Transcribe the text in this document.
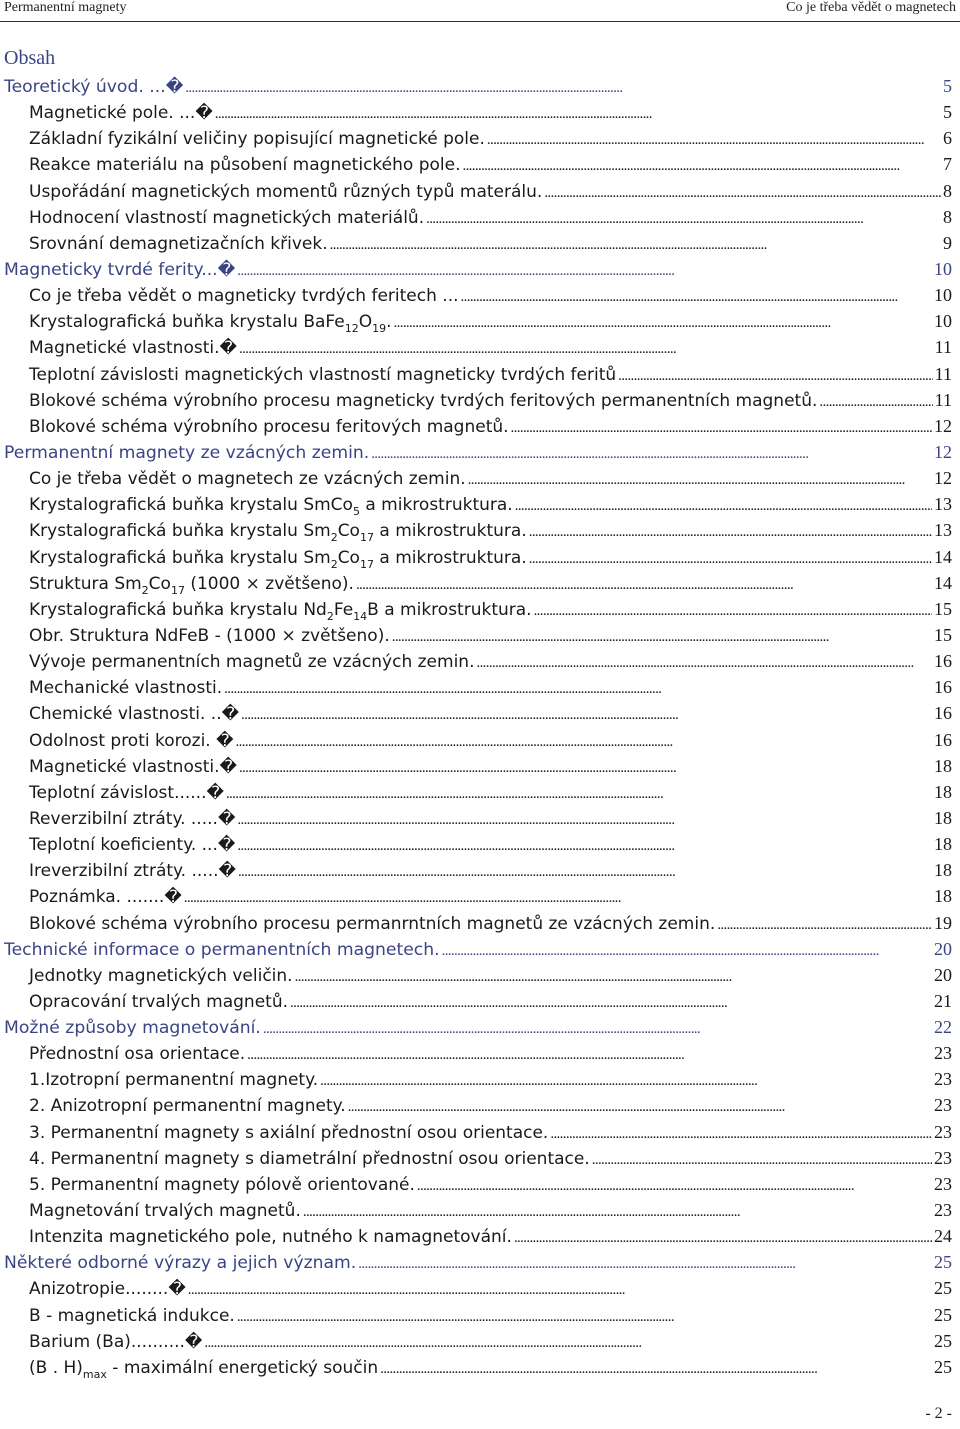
Permanentní magnety	Co je třeba vědět o magnetech
Obsah
Teoretický úvod. ...� . . .	5
Magnetické pole. ...� . . .	5
Základní fyzikální veličiny popisující magnetické pole. . . .	6
Reakce materiálu na působení magnetického pole. . . .	7
Uspořádání magnetických momentů různých typů materálu. . . .	8
Hodnocení vlastností magnetických materiálů. . . .	8
Srovnání demagnetizačních křivek. . . .	9
Magneticky tvrdé ferity...� . . .	10
Co je třeba vědět o magneticky tvrdých feritech ... . . .	10
Krystalografická buňka krystalu $BaFe_{12}O_{19}$. . . .	10
Magnetické vlastnosti.� . . .	11
Teplotní závislosti magnetických vlastností magneticky tvrdých feritů . . .	11
Blokové schéma výrobního procesu magneticky tvrdých feritových permanentních magnetů. . . .	11
Blokové schéma výrobního procesu feritových magnetů. . . .	12
Permanentní magnety ze vzácných zemin. . . .	12
Co je třeba vědět o magnetech ze vzácných zemin. . . .	12
Krystalografická buňka krystalu SmCo$_5$ a mikrostruktura. . . .	13
Krystalografická buňka krystalu $Sm_2Co_{17}$ a mikrostruktura. . . .	13
Krystalografická buňka krystalu $Sm_2Co_{17}$ a mikrostruktura. . . .	14
Struktura $Sm_2Co_{17}$ (1000 × zvětšeno). . . .	14
Krystalografická buňka krystalu $Nd_2Fe_{14}B$ a mikrostruktura. . . .	15
Obr. Struktura NdFeB - (1000 × zvětšeno). . . .	15
Vývoje permanentních magnetů ze vzácných zemin. . . .	16
Mechanické vlastnosti. . . .	16
Chemické vlastnosti. ..� . . .	16
Odolnost proti korozi. � . . .	16
Magnetické vlastnosti.� . . .	18
Teplotní závislost......� . . .	18
Reverzibilní ztráty. .....� . . .	18
Teplotní koeficienty. ...� . . .	18
Ireverzibilní ztráty. .....� . . .	18
Poznámka. .......� . . .	18
Blokové schéma výrobního procesu permanrntních magnetů ze vzácných zemin. . . .	19
Technické informace o permanentních magnetech. . . .	20
Jednotky magnetických veličin. . . .	20
Opracování trvalých magnetů. . . .	21
Možné způsoby magnetování. . . .	22
Přednostní osa orientace. . . .	23
1.Izotropní permanentní magnety. . . .	23
2. Anizotropní permanentní magnety. . . .	23
3. Permanentní magnety s axiální přednostní osou orientace. . . .	23
4. Permanentní magnety s diametrální přednostní osou orientace. . . .	23
5. Permanentní magnety pólově orientované. . . .	23
Magnetování trvalých magnetů. . . .	23
Intenzita magnetického pole, nutného k namagnetování. . . .	24
Některé odborné výrazy a jejich význam. . . .	25
Anizotropie........� . . .	25
B - magnetická indukce. . . .	25
Barium (Ba)..........� . . .	25
(B . $H)_{max}$ - maximální energetický součin . . .	25
- 2 -
